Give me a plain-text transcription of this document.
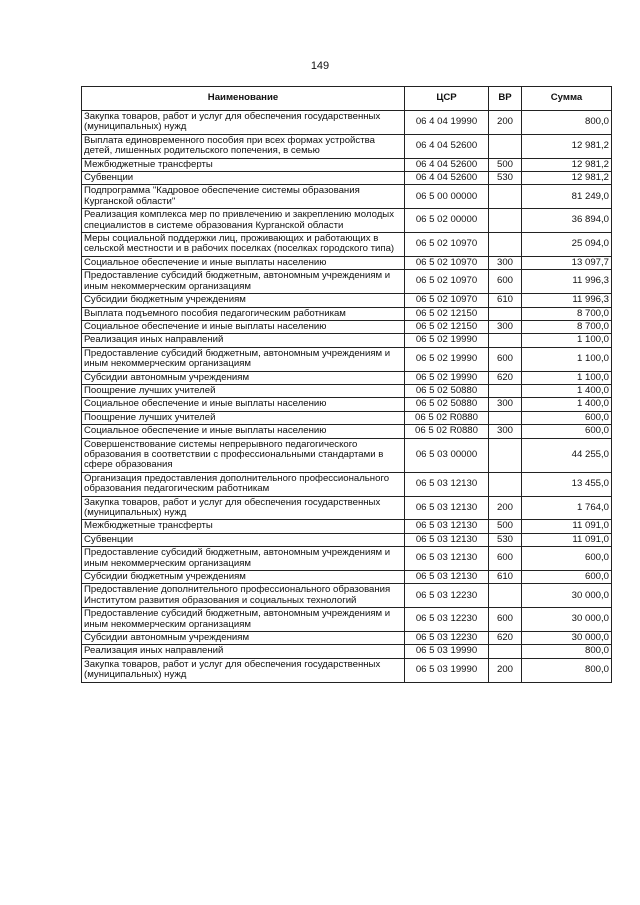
149
Наименование	ЦСР	ВР	Сумма
Закупка товаров, работ и услуг для обеспечения государственных (муниципальных) нужд	06 4 04 19990	200	800,0
Выплата единовременного пособия при всех формах устройства детей, лишенных родительского попечения, в семью	06 4 04 52600		12 981,2
Межбюджетные трансферты	06 4 04 52600	500	12 981,2
Субвенции	06 4 04 52600	530	12 981,2
Подпрограмма "Кадровое обеспечение системы образования Курганской области"	06 5 00 00000		81 249,0
Реализация комплекса мер по привлечению и закреплению молодых специалистов в системе образования Курганской области	06 5 02 00000		36 894,0
Меры социальной поддержки лиц, проживающих и работающих в сельской местности и в рабочих поселках (поселках городского типа)	06 5 02 10970		25 094,0
Социальное обеспечение и иные выплаты населению	06 5 02 10970	300	13 097,7
Предоставление субсидий бюджетным, автономным учреждениям и иным некоммерческим организациям	06 5 02 10970	600	11 996,3
Субсидии бюджетным учреждениям	06 5 02 10970	610	11 996,3
Выплата подъемного пособия педагогическим работникам	06 5 02 12150		8 700,0
Социальное обеспечение и иные выплаты населению	06 5 02 12150	300	8 700,0
Реализация иных направлений	06 5 02 19990		1 100,0
Предоставление субсидий бюджетным, автономным учреждениям и иным некоммерческим организациям	06 5 02 19990	600	1 100,0
Субсидии автономным учреждениям	06 5 02 19990	620	1 100,0
Поощрение лучших учителей	06 5 02 50880		1 400,0
Социальное обеспечение и иные выплаты населению	06 5 02 50880	300	1 400,0
Поощрение лучших учителей	06 5 02 R0880		600,0
Социальное обеспечение и иные выплаты населению	06 5 02 R0880	300	600,0
Совершенствование системы непрерывного педагогического образования в соответствии с профессиональными стандартами в сфере образования	06 5 03 00000		44 255,0
Организация предоставления дополнительного профессионального образования педагогическим работникам	06 5 03 12130		13 455,0
Закупка товаров, работ и услуг для обеспечения государственных (муниципальных) нужд	06 5 03 12130	200	1 764,0
Межбюджетные трансферты	06 5 03 12130	500	11 091,0
Субвенции	06 5 03 12130	530	11 091,0
Предоставление субсидий бюджетным, автономным учреждениям и иным некоммерческим организациям	06 5 03 12130	600	600,0
Субсидии бюджетным учреждениям	06 5 03 12130	610	600,0
Предоставление дополнительного профессионального образования Институтом развития образования и социальных технологий	06 5 03 12230		30 000,0
Предоставление субсидий бюджетным, автономным учреждениям и иным некоммерческим организациям	06 5 03 12230	600	30 000,0
Субсидии автономным учреждениям	06 5 03 12230	620	30 000,0
Реализация иных направлений	06 5 03 19990		800,0
Закупка товаров, работ и услуг для обеспечения государственных (муниципальных) нужд	06 5 03 19990	200	800,0
